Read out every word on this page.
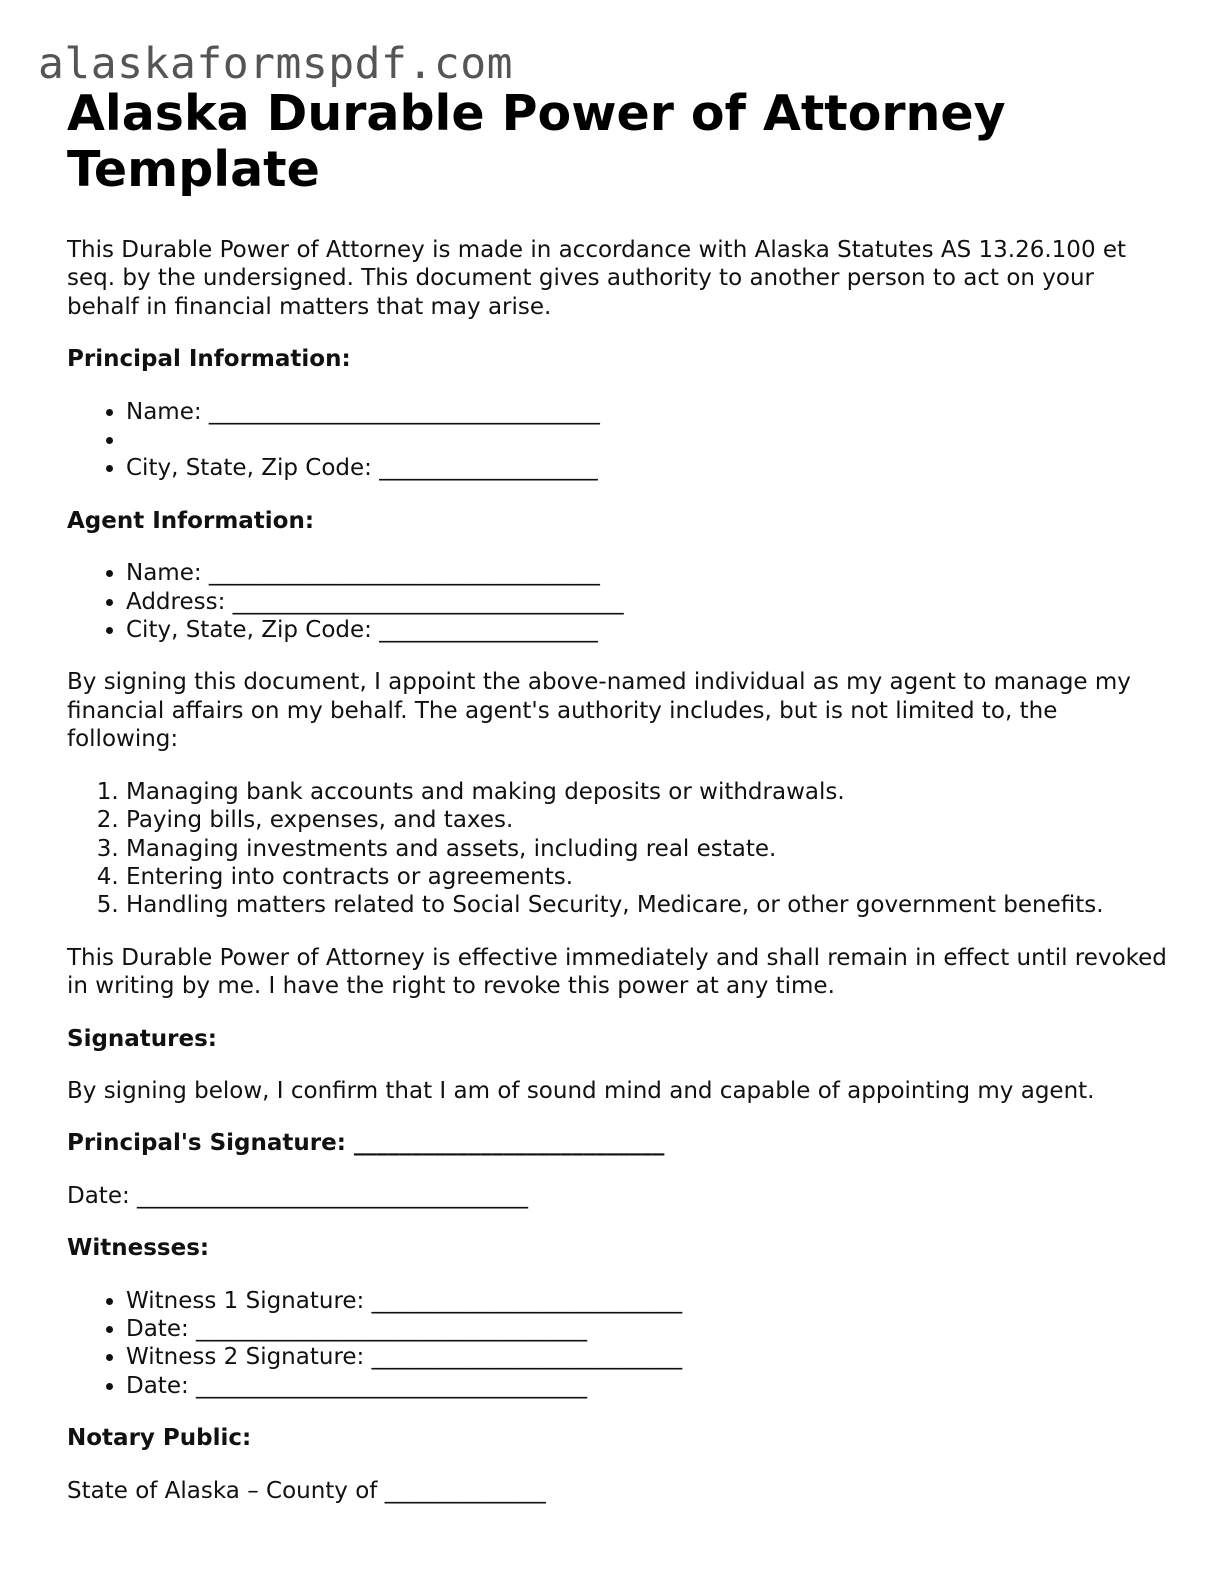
alaskaformspdf.com
Alaska Durable Power of Attorney Template

This Durable Power of Attorney is made in accordance with Alaska Statutes AS 13.26.100 et seq. by the undersigned. This document gives authority to another person to act on your behalf in financial matters that may arise.

Principal Information:

• Name: __________________________________
•
• City, State, Zip Code: ___________________

Agent Information:

• Name: __________________________________
• Address: __________________________________
• City, State, Zip Code: ___________________

By signing this document, I appoint the above-named individual as my agent to manage my financial affairs on my behalf. The agent's authority includes, but is not limited to, the following:

1. Managing bank accounts and making deposits or withdrawals.
2. Paying bills, expenses, and taxes.
3. Managing investments and assets, including real estate.
4. Entering into contracts or agreements.
5. Handling matters related to Social Security, Medicare, or other government benefits.

This Durable Power of Attorney is effective immediately and shall remain in effect until revoked in writing by me. I have the right to revoke this power at any time.

Signatures:

By signing below, I confirm that I am of sound mind and capable of appointing my agent.

Principal's Signature: ___________________________

Date: __________________________________

Witnesses:

• Witness 1 Signature: ___________________________
• Date: __________________________________
• Witness 2 Signature: ___________________________
• Date: __________________________________

Notary Public:

State of Alaska – County of ______________
